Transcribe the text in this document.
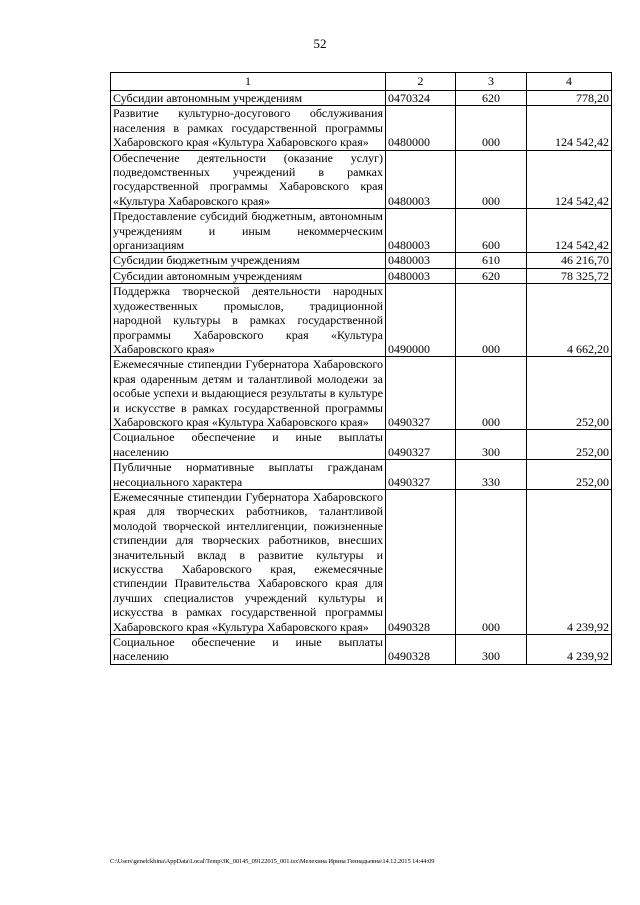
52
1	2	3	4
Субсидии автономным учреждениям	0470324	620	778,20
Развитие культурно-досугового обслуживания населения в рамках государственной программы Хабаровского края «Культура Хабаровского края»	0480000	000	124 542,42
Обеспечение деятельности (оказание услуг) подведомственных учреждений в рамках государственной программы Хабаровского края «Культура Хабаровского края»	0480003	000	124 542,42
Предоставление субсидий бюджетным, автономным учреждениям и иным некоммерческим организациям	0480003	600	124 542,42
Субсидии бюджетным учреждениям	0480003	610	46 216,70
Субсидии автономным учреждениям	0480003	620	78 325,72
Поддержка творческой деятельности народных художественных промыслов, традиционной народной культуры в рамках государственной программы Хабаровского края «Культура Хабаровского края»	0490000	000	4 662,20
Ежемесячные стипендии Губернатора Хабаровского края одаренным детям и талантливой молодежи за особые успехи и выдающиеся результаты в культуре и искусстве в рамках государственной программы Хабаровского края «Культура Хабаровского края»	0490327	000	252,00
Социальное обеспечение и иные выплаты населению	0490327	300	252,00
Публичные нормативные выплаты гражданам несоциального характера	0490327	330	252,00
Ежемесячные стипендии Губернатора Хабаровского края для творческих работников, талантливой молодой творческой интеллигенции, пожизненные стипендии для творческих работников, внесших значительный вклад в развитие культуры и искусства Хабаровского края, ежемесячные стипендии Правительства Хабаровского края для лучших специалистов учреждений культуры и искусства в рамках государственной программы Хабаровского края «Культура Хабаровского края»	0490328	000	4 239,92
Социальное обеспечение и иные выплаты населению	0490328	300	4 239,92
C:\Users\genelckhina\AppData\Local\Temp\ЗК_00145_09122015_001.tsx\Мелехина Ирина Геннадьевна\14.12.2015 14:44:09
